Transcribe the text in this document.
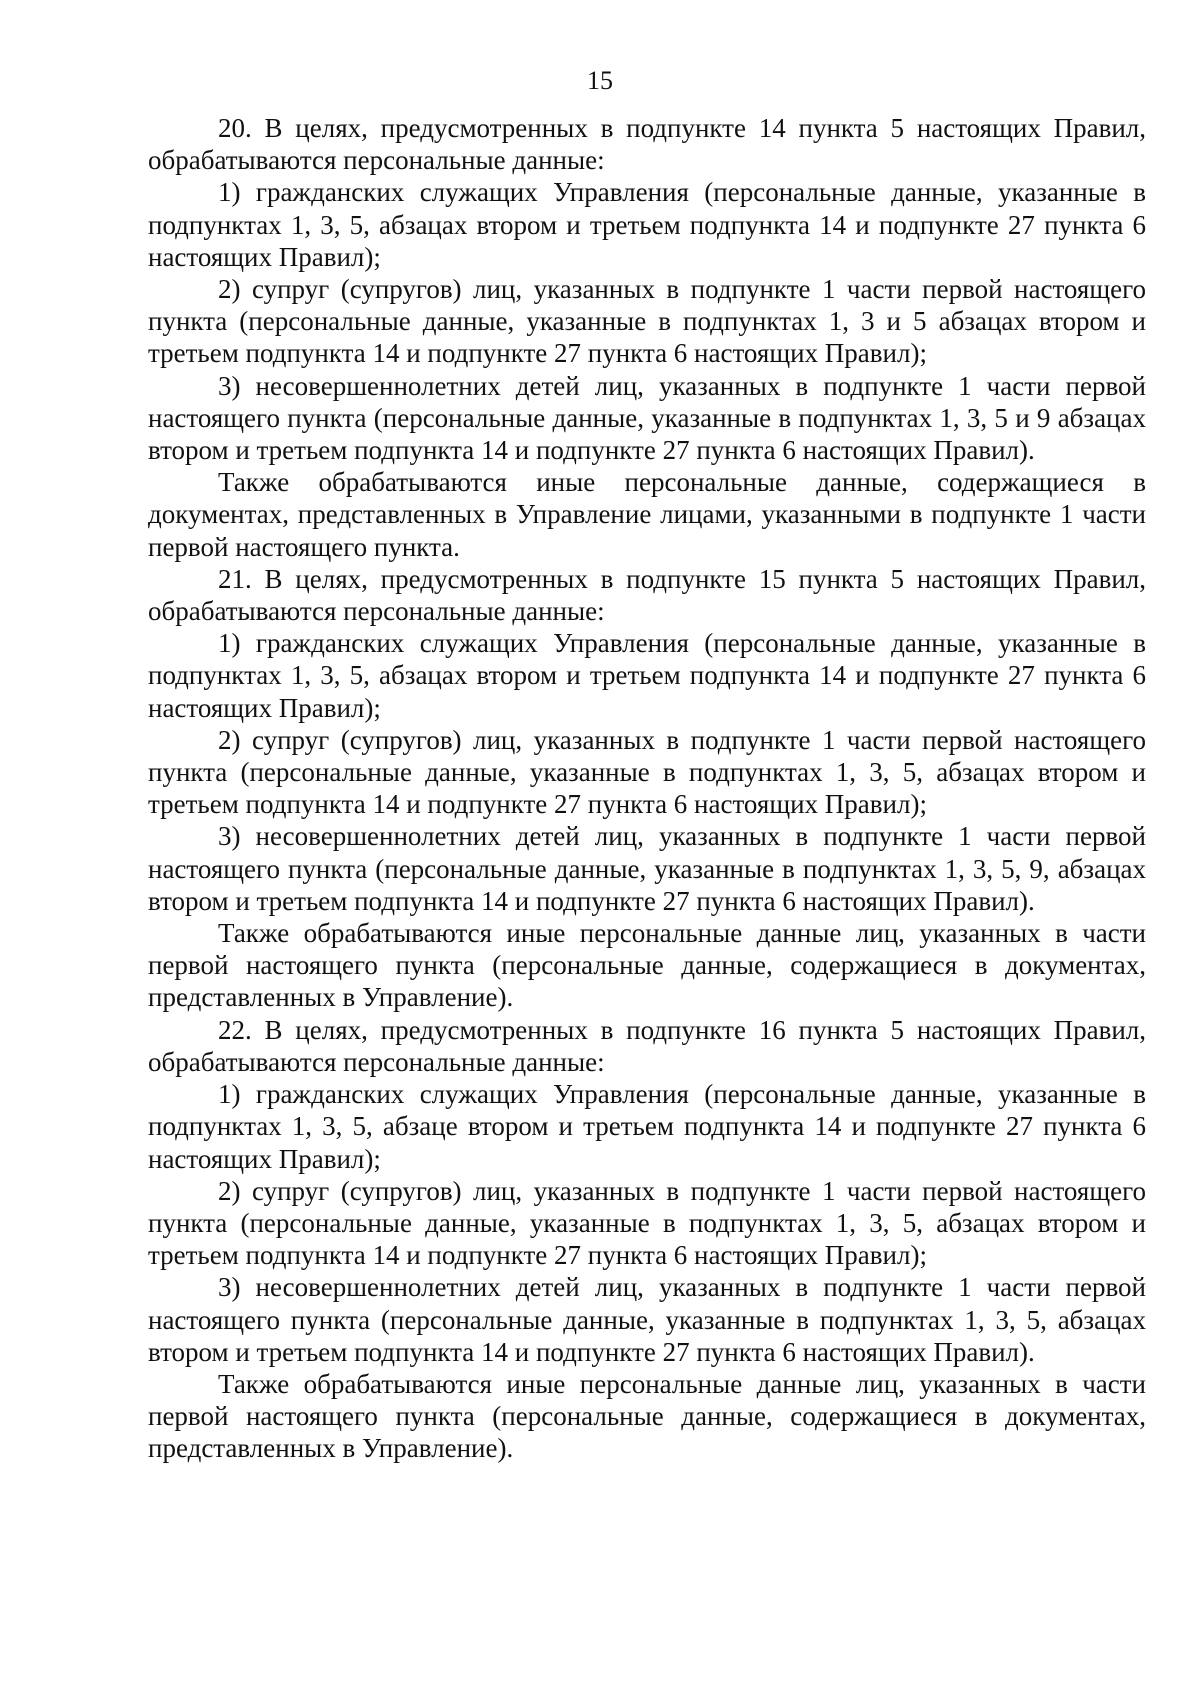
15

20. В целях, предусмотренных в подпункте 14 пункта 5 настоящих Правил, обрабатываются персональные данные:

1) гражданских служащих Управления (персональные данные, указанные в подпунктах 1, 3, 5, абзацах втором и третьем подпункта 14 и подпункте 27 пункта 6 настоящих Правил);

2) супруг (супругов) лиц, указанных в подпункте 1 части первой настоящего пункта (персональные данные, указанные в подпунктах 1, 3 и 5 абзацах втором и третьем подпункта 14 и подпункте 27 пункта 6 настоящих Правил);

3) несовершеннолетних детей лиц, указанных в подпункте 1 части первой настоящего пункта (персональные данные, указанные в подпунктах 1, 3, 5 и 9 абзацах втором и третьем подпункта 14 и подпункте 27 пункта 6 настоящих Правил).

Также обрабатываются иные персональные данные, содержащиеся в документах, представленных в Управление лицами, указанными в подпункте 1 части первой настоящего пункта.

21. В целях, предусмотренных в подпункте 15 пункта 5 настоящих Правил, обрабатываются персональные данные:

1) гражданских служащих Управления (персональные данные, указанные в подпунктах 1, 3, 5, абзацах втором и третьем подпункта 14 и подпункте 27 пункта 6 настоящих Правил);

2) супруг (супругов) лиц, указанных в подпункте 1 части первой настоящего пункта (персональные данные, указанные в подпунктах 1, 3, 5, абзацах втором и третьем подпункта 14 и подпункте 27 пункта 6 настоящих Правил);

3) несовершеннолетних детей лиц, указанных в подпункте 1 части первой настоящего пункта (персональные данные, указанные в подпунктах 1, 3, 5, 9, абзацах втором и третьем подпункта 14 и подпункте 27 пункта 6 настоящих Правил).

Также обрабатываются иные персональные данные лиц, указанных в части первой настоящего пункта (персональные данные, содержащиеся в документах, представленных в Управление).

22. В целях, предусмотренных в подпункте 16 пункта 5 настоящих Правил, обрабатываются персональные данные:

1) гражданских служащих Управления (персональные данные, указанные в подпунктах 1, 3, 5, абзаце втором и третьем подпункта 14 и подпункте 27 пункта 6 настоящих Правил);

2) супруг (супругов) лиц, указанных в подпункте 1 части первой настоящего пункта (персональные данные, указанные в подпунктах 1, 3, 5, абзацах втором и третьем подпункта 14 и подпункте 27 пункта 6 настоящих Правил);

3) несовершеннолетних детей лиц, указанных в подпункте 1 части первой настоящего пункта (персональные данные, указанные в подпунктах 1, 3, 5, абзацах втором и третьем подпункта 14 и подпункте 27 пункта 6 настоящих Правил).

Также обрабатываются иные персональные данные лиц, указанных в части первой настоящего пункта (персональные данные, содержащиеся в документах, представленных в Управление).
